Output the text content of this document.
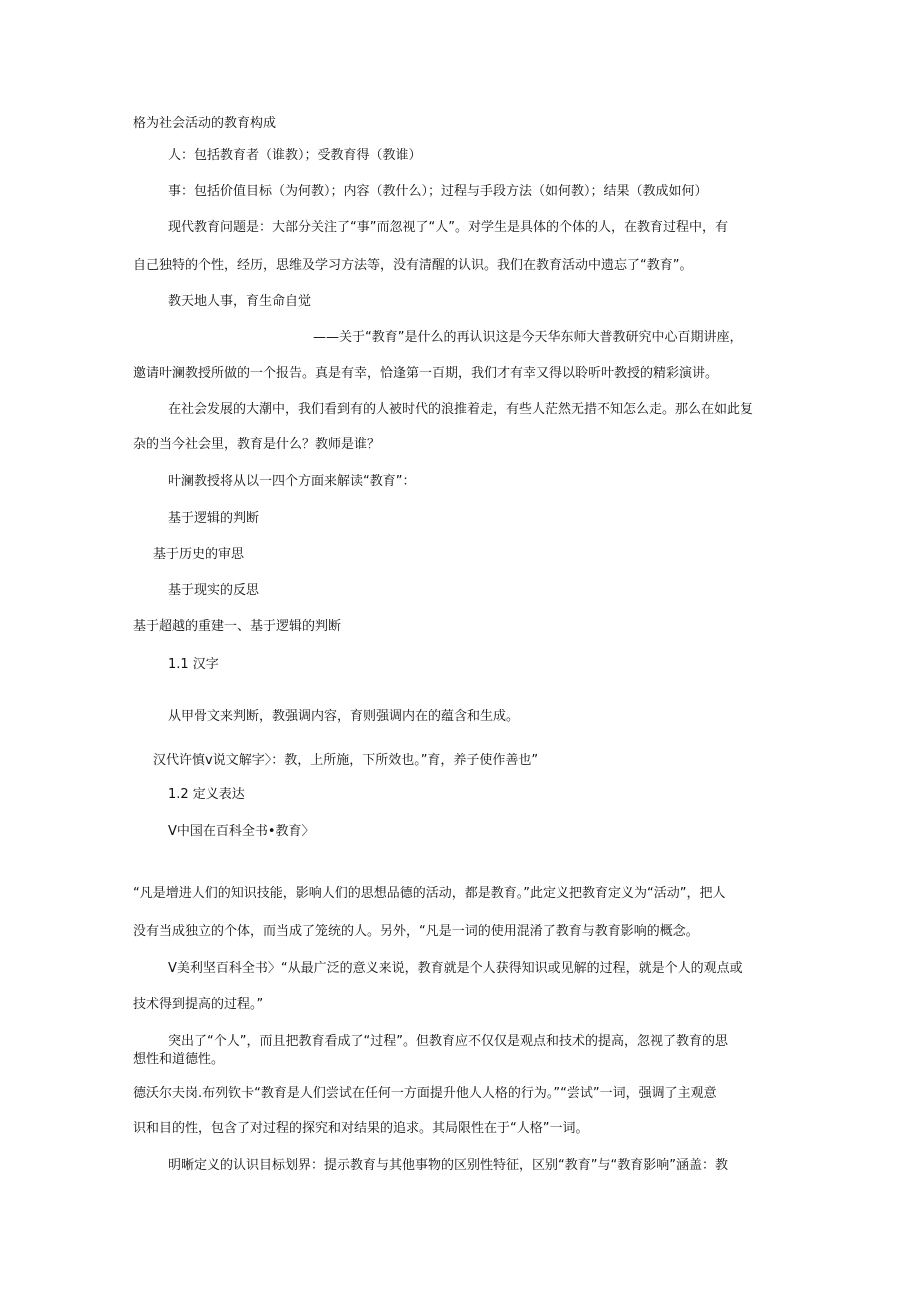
格为社会活动的教育构成

人：包括教育者（谁教）；受教育得（教谁）

事：包括价值目标（为何教）；内容（教什么）；过程与手段方法（如何教）；结果（教成如何）

现代教育问题是：大部分关注了“事”而忽视了“人”。对学生是具体的个体的人，在教育过程中，有

自己独特的个性，经历，思维及学习方法等，没有清醒的认识。我们在教育活动中遗忘了“教育”。

教天地人事，育生命自觉

——关于“教育”是什么的再认识这是今天华东师大普教研究中心百期讲座，

邀请叶澜教授所做的一个报告。真是有幸，恰逢第一百期，我们才有幸又得以聆听叶教授的精彩演讲。

在社会发展的大潮中，我们看到有的人被时代的浪推着走，有些人茫然无措不知怎么走。那么在如此复

杂的当今社会里，教育是什么？教师是谁？

叶澜教授将从以一四个方面来解读“教育”：

基于逻辑的判断

基于历史的审思

基于现实的反思

基于超越的重建一、基于逻辑的判断

1.1 汉字

从甲骨文来判断，教强调内容，育则强调内在的蕴含和生成。

汉代许慎v说文解字〉：教，上所施，下所效也。”育，养子使作善也”

1.2 定义表达

V中国在百科全书•教育〉

“凡是增进人们的知识技能，影响人们的思想品德的活动，都是教育。”此定义把教育定义为“活动”，把人

没有当成独立的个体，而当成了笼统的人。另外，“凡是一词的使用混淆了教育与教育影响的概念。

V美利坚百科全书〉“从最广泛的意义来说，教育就是个人获得知识或见解的过程，就是个人的观点或

技术得到提高的过程。”

突出了“个人”，而且把教育看成了“过程”。但教育应不仅仅是观点和技术的提高，忽视了教育的思

想性和道德性。

德沃尔夫岗.布列钦卡“教育是人们尝试在任何一方面提升他人人格的行为。”“尝试”一词，强调了主观意

识和目的性，包含了对过程的探究和对结果的追求。其局限性在于“人格”一词。

明晰定义的认识目标划界：提示教育与其他事物的区别性特征，区别“教育”与“教育影响”涵盖：教
